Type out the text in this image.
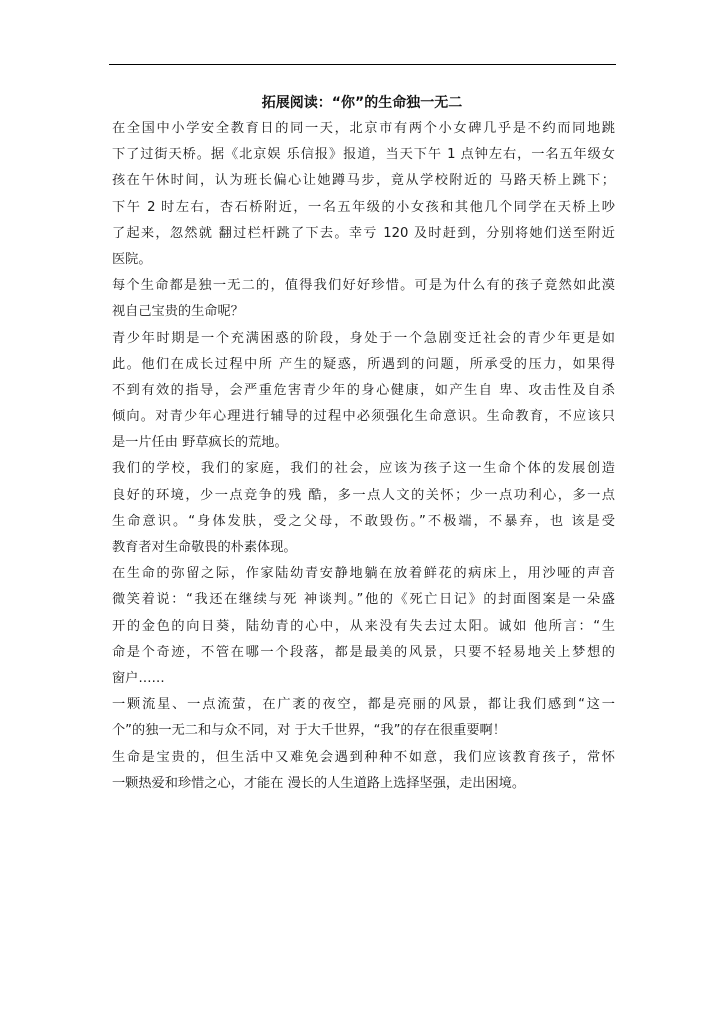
拓展阅读：“你”的生命独一无二
在全国中小学安全教育日的同一天，北京市有两个小女碑几乎是不约而同地跳
下了过街天桥。据《北京娱 乐信报》报道，当天下午 1 点钟左右，一名五年级女
孩在午休时间，认为班长偏心让她蹲马步，竟从学校附近的 马路天桥上跳下；
下午 2 时左右，杏石桥附近，一名五年级的小女孩和其他几个同学在天桥上吵
了起来，忽然就 翻过栏杆跳了下去。幸亏 120 及时赶到，分别将她们送至附近
医院。
每个生命都是独一无二的，值得我们好好珍惜。可是为什么有的孩子竟然如此漠
视自己宝贵的生命呢？
青少年时期是一个充满困惑的阶段，身处于一个急剧变迁社会的青少年更是如
此。他们在成长过程中所 产生的疑惑，所遇到的问题，所承受的压力，如果得
不到有效的指导，会严重危害青少年的身心健康，如产生自 卑、攻击性及自杀
倾向。对青少年心理进行辅导的过程中必须强化生命意识。生命教育，不应该只
是一片任由 野草疯长的荒地。
我们的学校，我们的家庭，我们的社会，应该为孩子这一生命个体的发展创造
良好的环境，少一点竞争的残 酷，多一点人文的关怀；少一点功利心，多一点
生命意识。“身体发肤，受之父母，不敢毁伤。”不极端，不暴弃，也 该是受
教育者对生命敬畏的朴素体现。
在生命的弥留之际，作家陆幼青安静地躺在放着鲜花的病床上，用沙哑的声音
微笑着说：“我还在继续与死 神谈判。”他的《死亡日记》的封面图案是一朵盛
开的金色的向日葵，陆幼青的心中，从来没有失去过太阳。诚如 他所言：“生
命是个奇迹，不管在哪一个段落，都是最美的风景，只要不轻易地关上梦想的
窗户……
一颗流星、一点流萤，在广袤的夜空，都是亮丽的风景，都让我们感到“这一
个”的独一无二和与众不同，对 于大千世界，“我”的存在很重要啊！
生命是宝贵的，但生活中又难免会遇到种种不如意，我们应该教育孩子，常怀
一颗热爱和珍惜之心，才能在 漫长的人生道路上选择坚强，走出困境。
